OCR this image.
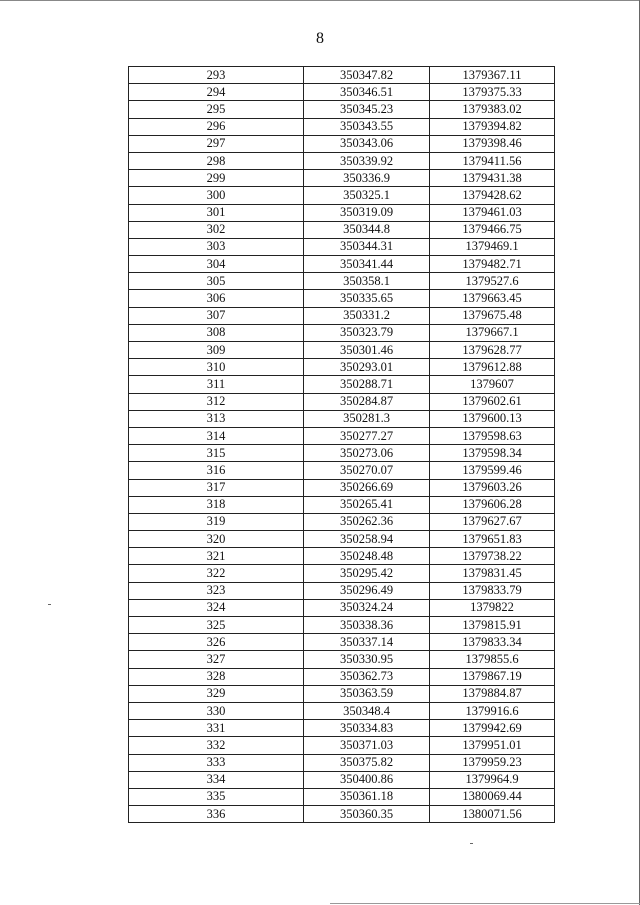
8
293	350347.82	1379367.11
294	350346.51	1379375.33
295	350345.23	1379383.02
296	350343.55	1379394.82
297	350343.06	1379398.46
298	350339.92	1379411.56
299	350336.9	1379431.38
300	350325.1	1379428.62
301	350319.09	1379461.03
302	350344.8	1379466.75
303	350344.31	1379469.1
304	350341.44	1379482.71
305	350358.1	1379527.6
306	350335.65	1379663.45
307	350331.2	1379675.48
308	350323.79	1379667.1
309	350301.46	1379628.77
310	350293.01	1379612.88
311	350288.71	1379607
312	350284.87	1379602.61
313	350281.3	1379600.13
314	350277.27	1379598.63
315	350273.06	1379598.34
316	350270.07	1379599.46
317	350266.69	1379603.26
318	350265.41	1379606.28
319	350262.36	1379627.67
320	350258.94	1379651.83
321	350248.48	1379738.22
322	350295.42	1379831.45
323	350296.49	1379833.79
324	350324.24	1379822
325	350338.36	1379815.91
326	350337.14	1379833.34
327	350330.95	1379855.6
328	350362.73	1379867.19
329	350363.59	1379884.87
330	350348.4	1379916.6
331	350334.83	1379942.69
332	350371.03	1379951.01
333	350375.82	1379959.23
334	350400.86	1379964.9
335	350361.18	1380069.44
336	350360.35	1380071.56
